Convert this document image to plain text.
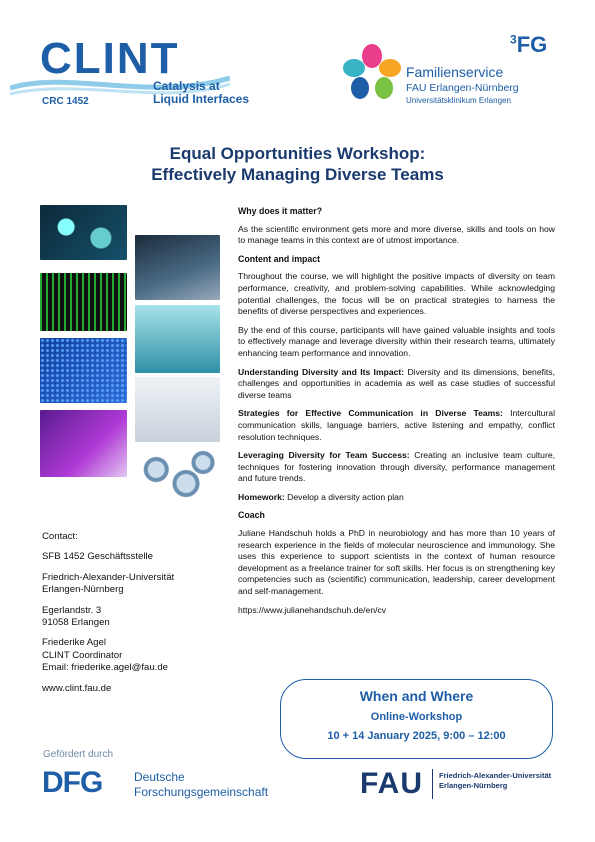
CLINT
Catalysis at
Liquid Interfaces
CRC 1452
$^3$FG
Familienservice
FAU Erlangen-Nürnberg
Universitätsklinikum Erlangen
Equal Opportunities Workshop:
Effectively Managing Diverse Teams
Why does it matter?

As the scientific environment gets more and more diverse, skills and tools on how to manage teams in this context are of utmost importance.

Content and impact

Throughout the course, we will highlight the positive impacts of diversity on team performance, creativity, and problem-solving capabilities. While acknowledging potential challenges, the focus will be on practical strategies to harness the benefits of diverse perspectives and experiences.

By the end of this course, participants will have gained valuable insights and tools to effectively manage and leverage diversity within their research teams, ultimately enhancing team performance and innovation.

Understanding Diversity and Its Impact: Diversity and its dimensions, benefits, challenges and opportunities in academia as well as case studies of successful diverse teams

Strategies for Effective Communication in Diverse Teams: Intercultural communication skills, language barriers, active listening and empathy, conflict resolution techniques.

Leveraging Diversity for Team Success: Creating an inclusive team culture, techniques for fostering innovation through diversity, performance management and future trends.

Homework: Develop a diversity action plan

Coach

Juliane Handschuh holds a PhD in neurobiology and has more than 10 years of research experience in the fields of molecular neuroscience and immunology. She uses this experience to support scientists in the context of human resource development as a freelance trainer for soft skills. Her focus is on strengthening key competencies such as (scientific) communication, leadership, career development and self-management.

https://www.julianehandschuh.de/en/cv
Contact:
SFB 1452 Geschäftsstelle
Friedrich-Alexander-Universität
Erlangen-Nürnberg
Egerlandstr. 3
91058 Erlangen
Friederike Agel
CLINT Coordinator
Email: friederike.agel@fau.de
www.clint.fau.de	When and Where
Online-Workshop
10 + 14 January 2025, 9:00 – 12:00
Gefördert durch
DFG	Deutsche
Forschungsgemeinschaft	FAU Friedrich-Alexander-Universität
Erlangen-Nürnberg
